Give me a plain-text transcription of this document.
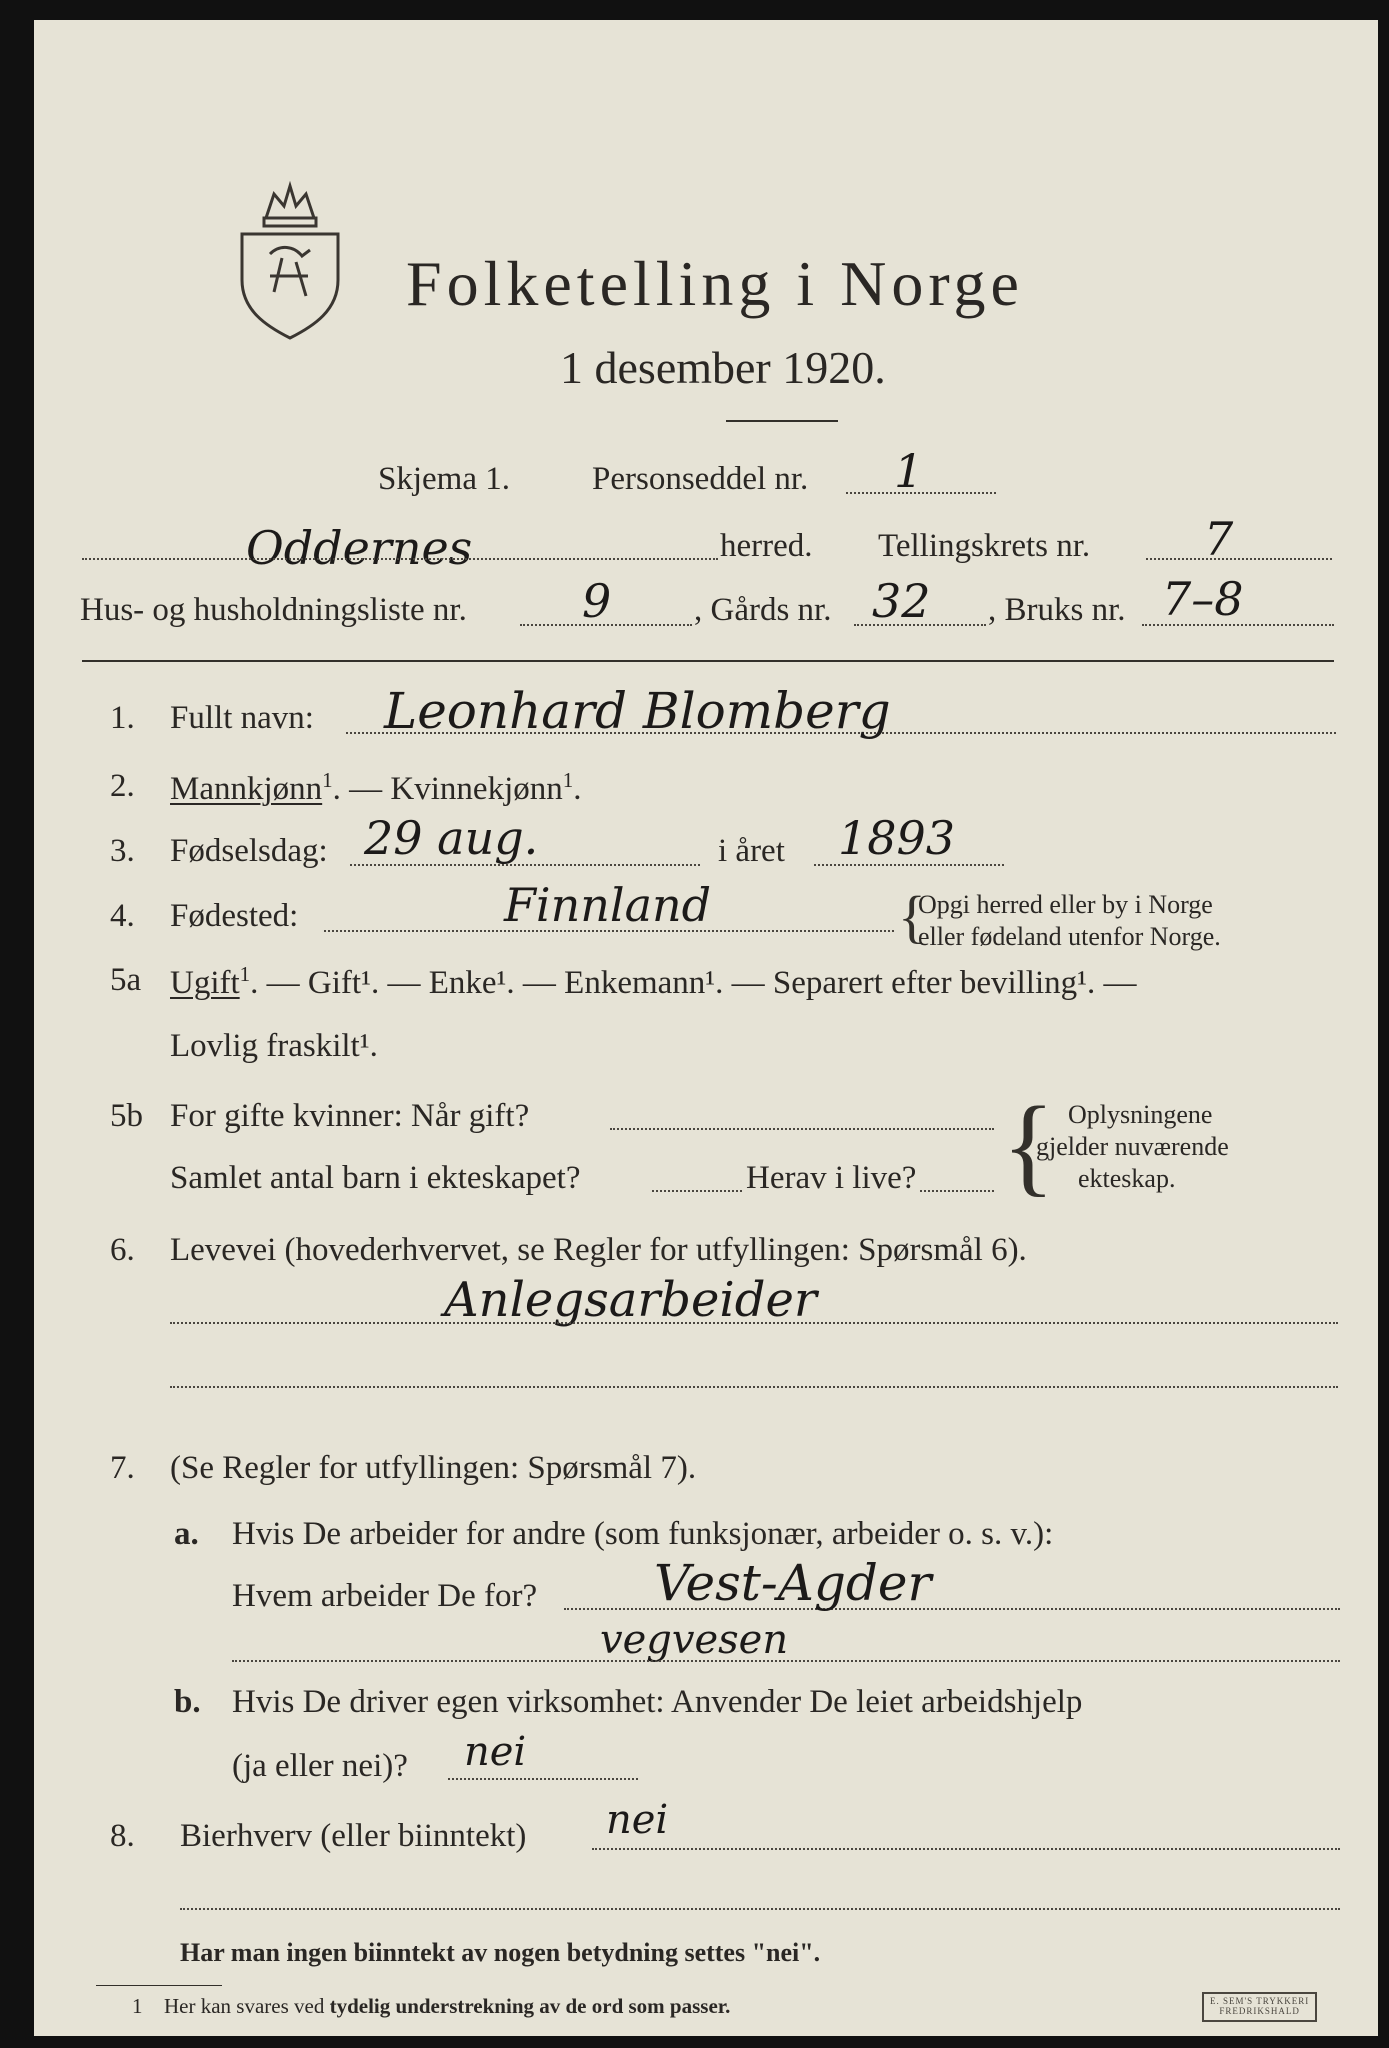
Folketelling i Norge
1 desember 1920.
Skjema 1. Personseddel nr. 1
Oddernes	herred. Tellingskrets nr. 7
Hus- og husholdningsliste nr.	9	, Gårds nr. 32 , Bruks nr. 7–8
1. Fullt navn: Leonhard Blomberg
2. Mannkjønn$^1$. — Kvinnekjønn$^1$.
3. Fødselsdag: 29 aug.	i året 1893
4. Fødested:	Finnland	{
Opgi herred eller by i Norge
eller fødeland utenfor Norge.
5a Ugift$^1$. — Gift¹. — Enke¹. — Enkemann¹. — Separert efter bevilling¹. —
Lovlig fraskilt¹.
5b For gifte kvinner: Når gift?
Samlet antal barn i ekteskapet?	Herav i live? { Oplysningene
gjelder nuværende
ekteskap.
6. Levevei (hovederhvervet, se Regler for utfyllingen: Spørsmål 6).
Anlegsarbeider
7. (Se Regler for utfyllingen: Spørsmål 7).
a. Hvis De arbeider for andre (som funksjonær, arbeider o. s. v.):
Hvem arbeider De for? Vest-Agder
vegvesen
b. Hvis De driver egen virksomhet: Anvender De leiet arbeidshjelp
(ja eller nei)? nei
8. Bierhverv (eller biinntekt) nei
Har man ingen biinntekt av nogen betydning settes "nei".
1 Her kan svares ved tydelig understrekning av de ord som passer.	E. SEM'S TRYKKERI
FREDRIKSHALD
